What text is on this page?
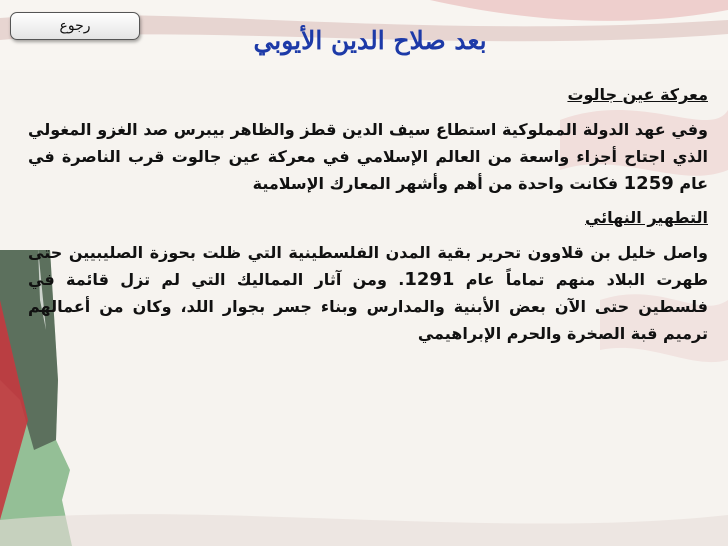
رجوع	بعد صلاح الدين الأيوبي
معركة عين جالوت

وفي عهد الدولة المملوكية استطاع سيف الدين قطز والظاهر بيبرس صد الغزو المغولي الذي اجتاح أجزاء واسعة من العالم الإسلامي في معركة عين جالوت قرب الناصرة في عام 1259 فكانت واحدة من أهم وأشهر المعارك الإسلامية

التطهير النهائي

واصل خليل بن قلاوون تحرير بقية المدن الفلسطينية التي ظلت بحوزة الصليبيين حتى طهرت البلاد منهم تماماً عام 1291. ومن آثار المماليك التي لم تزل قائمة في فلسطين حتى الآن بعض الأبنية والمدارس وبناء جسر بجوار اللد، وكان من أعمالهم ترميم قبة الصخرة والحرم الإبراهيمي
